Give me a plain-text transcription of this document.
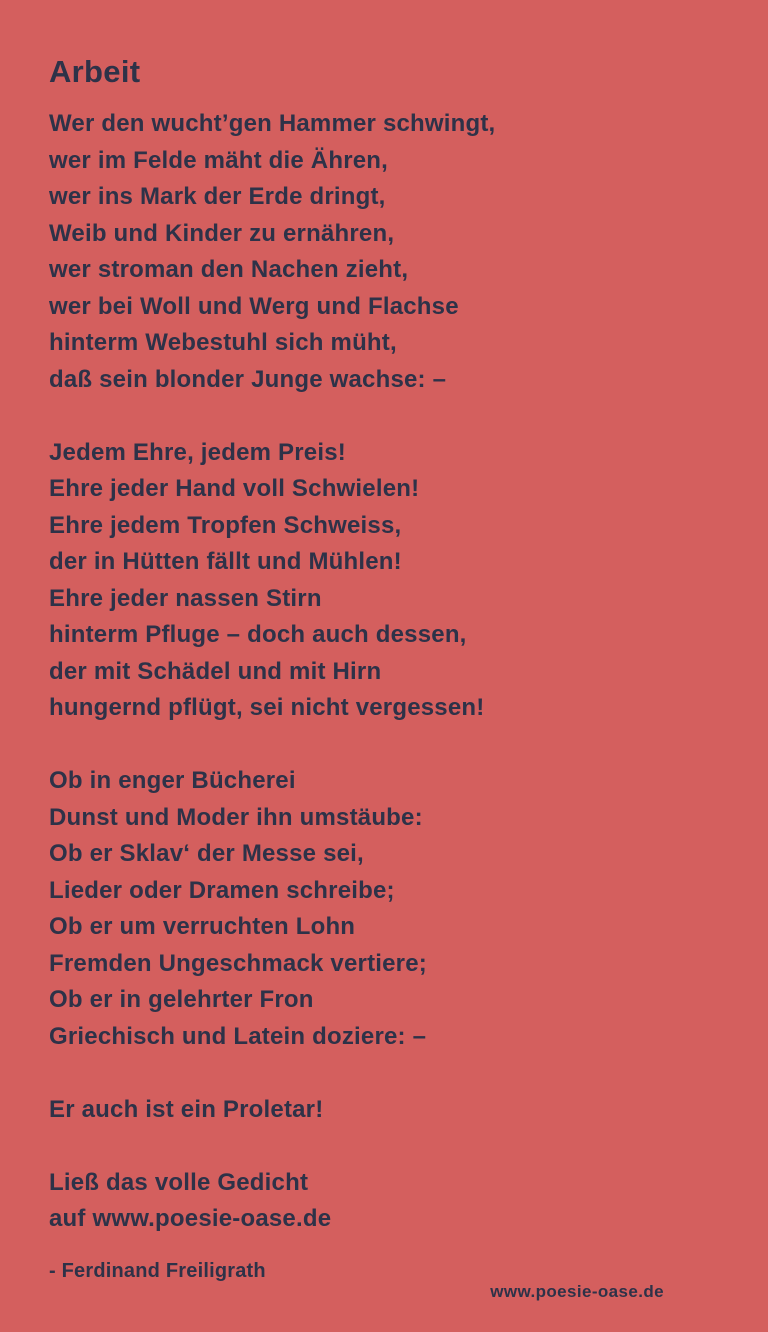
Arbeit

Wer den wucht’gen Hammer schwingt,
wer im Felde mäht die Ähren,
wer ins Mark der Erde dringt,
Weib und Kinder zu ernähren,
wer stroman den Nachen zieht,
wer bei Woll und Werg und Flachse
hinterm Webestuhl sich müht,
daß sein blonder Junge wachse: –

Jedem Ehre, jedem Preis!
Ehre jeder Hand voll Schwielen!
Ehre jedem Tropfen Schweiss,
der in Hütten fällt und Mühlen!
Ehre jeder nassen Stirn
hinterm Pfluge – doch auch dessen,
der mit Schädel und mit Hirn
hungernd pflügt, sei nicht vergessen!

Ob in enger Bücherei
Dunst und Moder ihn umstäube:
Ob er Sklav‘ der Messe sei,
Lieder oder Dramen schreibe;
Ob er um verruchten Lohn
Fremden Ungeschmack vertiere;
Ob er in gelehrter Fron
Griechisch und Latein doziere: –

Er auch ist ein Proletar!

Ließ das volle Gedicht
auf www.poesie-oase.de

- Ferdinand Freiligrath
www.poesie-oase.de
